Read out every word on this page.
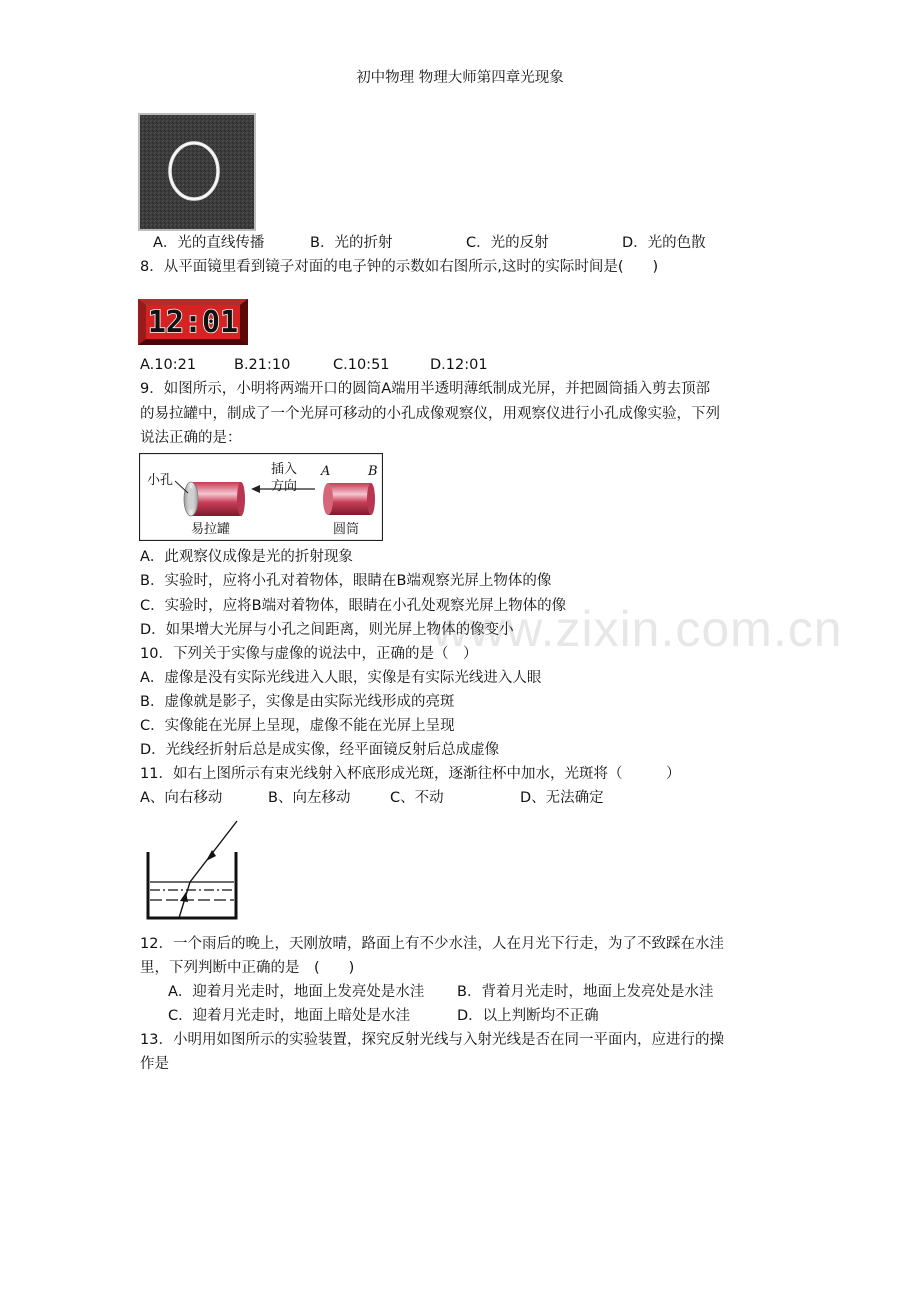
www.zixin.com.cn
初中物理 物理大师第四章光现象
A．光的直线传播	B．光的折射	C．光的反射	D．光的色散
8．从平面镜里看到镜子对面的电子钟的示数如右图所示,这时的实际时间是(　　)
12:01
A.10:21	B.21:10	C.10:51	D.12:01
9．如图所示，小明将两端开口的圆筒A端用半透明薄纸制成光屏，并把圆筒插入剪去顶部
的易拉罐中，制成了一个光屏可移动的小孔成像观察仪，用观察仪进行小孔成像实验，下列
说法正确的是：
小孔
插入
方向
A	B
易拉罐	圆筒
A．此观察仪成像是光的折射现象
B．实验时，应将小孔对着物体，眼睛在B端观察光屏上物体的像
C．实验时，应将B端对着物体，眼睛在小孔处观察光屏上物体的像
D．如果增大光屏与小孔之间距离，则光屏上物体的像变小
10．下列关于实像与虚像的说法中，正确的是（　）
A．虚像是没有实际光线进入人眼，实像是有实际光线进入人眼
B．虚像就是影子，实像是由实际光线形成的亮斑
C．实像能在光屏上呈现，虚像不能在光屏上呈现
D．光线经折射后总是成实像，经平面镜反射后总成虚像
11．如右上图所示有束光线射入杯底形成光斑，逐渐往杯中加水，光斑将（　　　）
A、向右移动	B、向左移动	C、不动	D、无法确定
12．一个雨后的晚上，天刚放晴，路面上有不少水洼，人在月光下行走，为了不致踩在水洼
里，下列判断中正确的是　(　　)
A．迎着月光走时，地面上发亮处是水洼 B．背着月光走时，地面上发亮处是水洼
C．迎着月光走时，地面上暗处是水洼	D．以上判断均不正确
13．小明用如图所示的实验装置，探究反射光线与入射光线是否在同一平面内，应进行的操
作是
